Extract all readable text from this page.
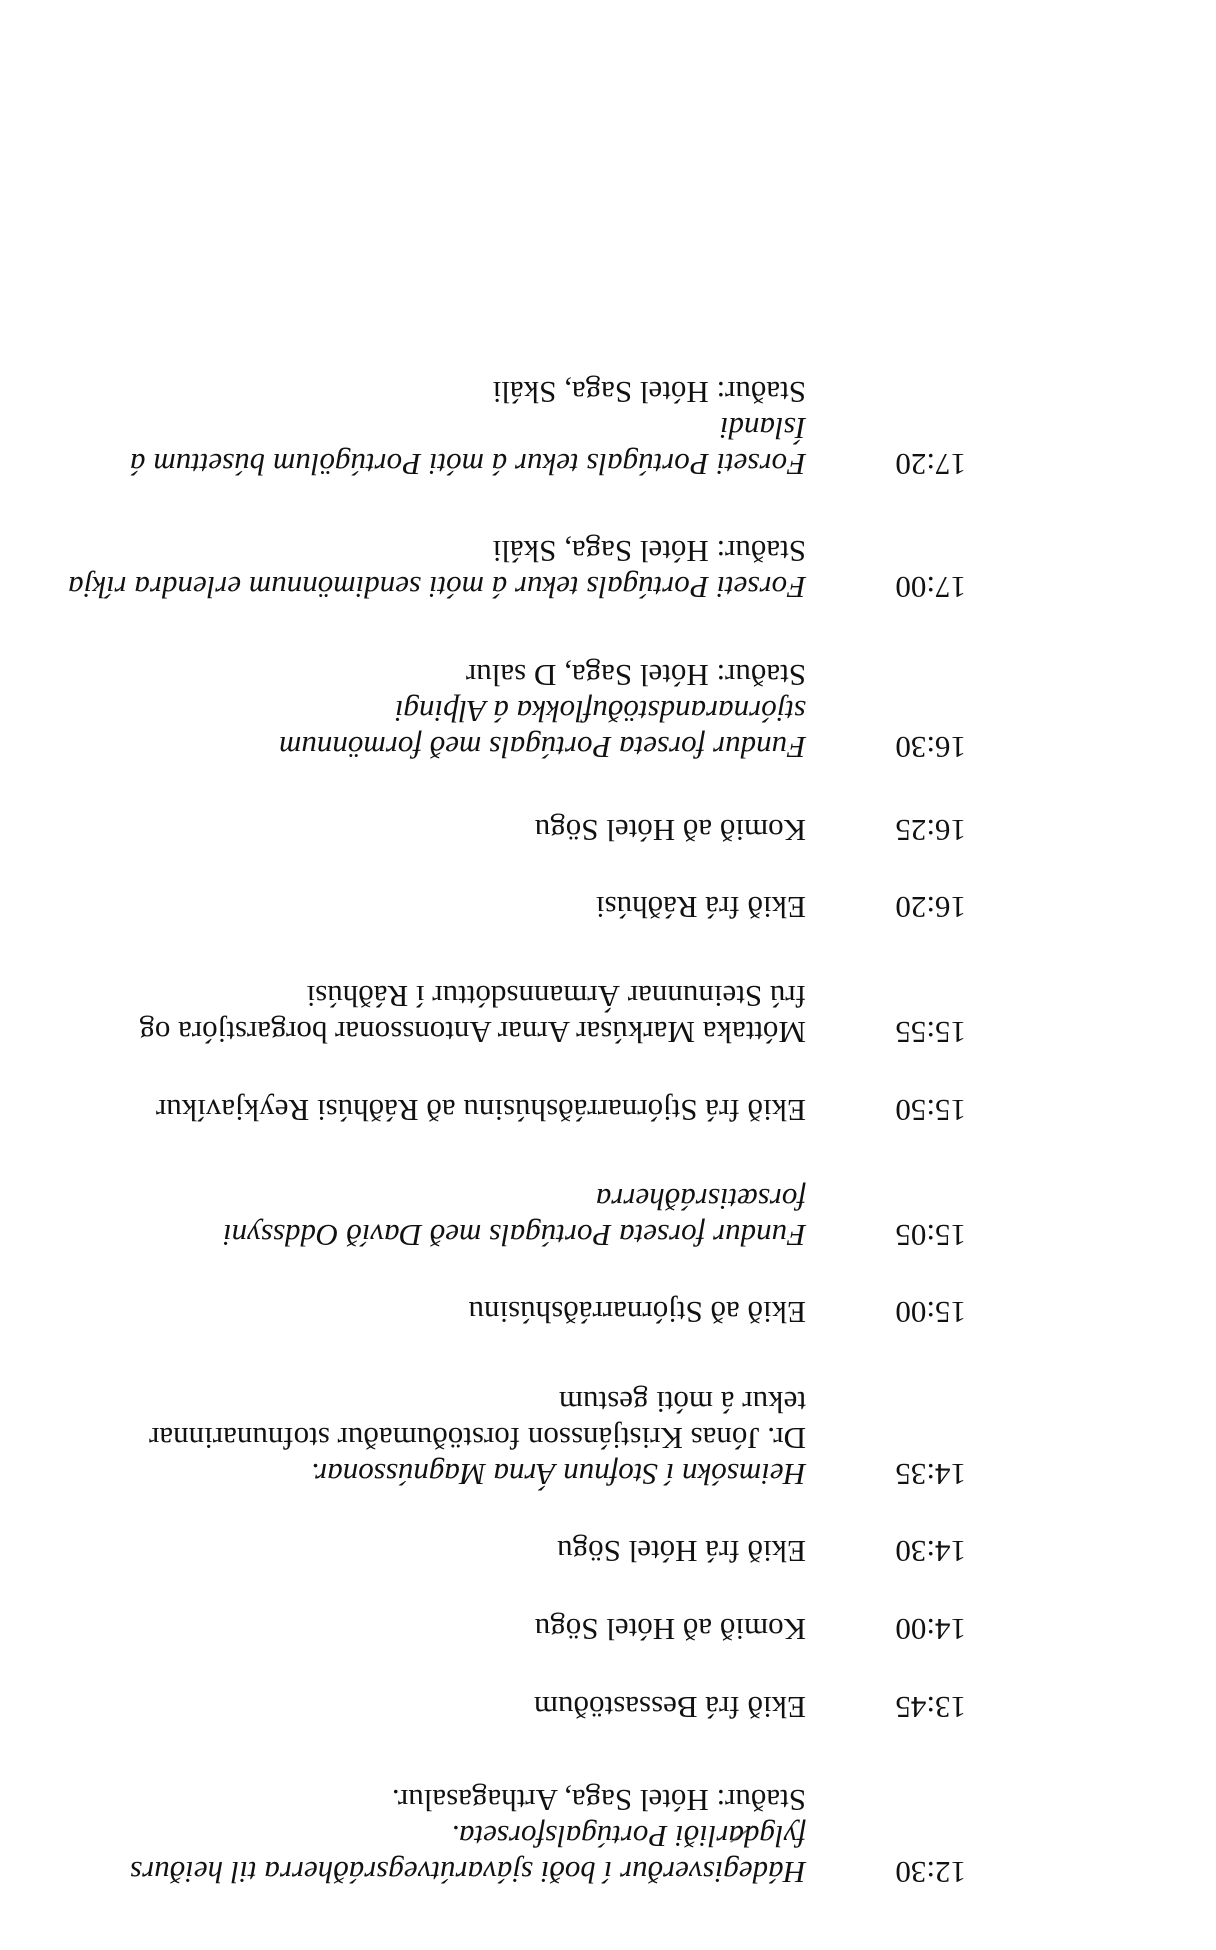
12:30
Hádegisverður í boði sjávarútvegsráðherra til heiðurs
fylgdarliði Portúgalsforseta.
Staður: Hótel Saga, Arthagasalur.
13:45
Ekið frá Bessastöðum
14:00
Komið að Hótel Sögu
14:30
Ekið frá Hótel Sögu
14:35
Heimsókn í Stofnun Árna Magnússonar.
Dr. Jónas Kristjánsson forstöðumaður stofnunarinnar
tekur á móti gestum
15:00
Ekið að Stjórnarráðshúsinu
15:05
Fundur forseta Portúgals með Davíð Oddssyni
forsætisráðherra
15:50
Ekið frá Stjórnarráðshúsinu að Ráðhúsi Reykjavíkur
15:55
Móttaka Markúsar Arnar Antonssonar borgarstjóra og
frú Steinunnar Ármannsdóttur í Ráðhúsi
16:20
Ekið frá Ráðhúsi
16:25
Komið að Hótel Sögu
16:30
Fundur forseta Portúgals með formönnum
stjórnarandstöðuflokka á Alþingi
Staður: Hótel Saga, D salur
17:00
Forseti Portúgals tekur á móti sendimönnum erlendra ríkja
Staður: Hótel Saga, Skáli
17:20
Forseti Portúgals tekur á móti Portúgölum búsettum á
Íslandi
Staður: Hótel Saga, Skáli
